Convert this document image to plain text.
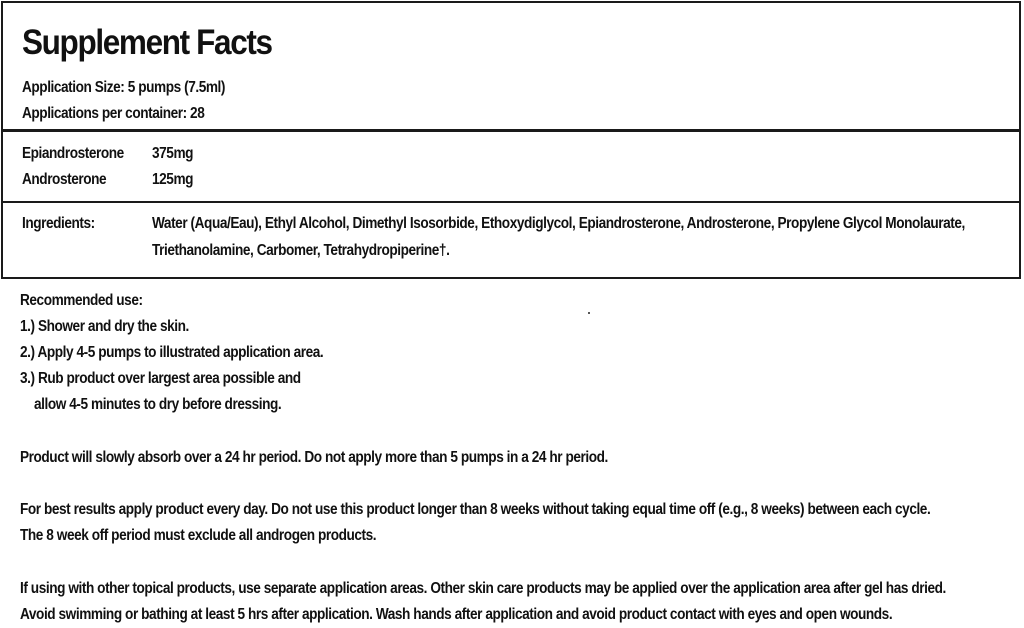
Supplement Facts
Application Size: 5 pumps (7.5ml)
Applications per container: 28
Epiandrosterone 375mg
Androsterone	125mg
Ingredients:	Water (Aqua/Eau), Ethyl Alcohol, Dimethyl Isosorbide, Ethoxydiglycol, Epiandrosterone, Androsterone, Propylene Glycol Monolaurate,
Triethanolamine, Carbomer, Tetrahydropiperine†.
Recommended use:
1.) Shower and dry the skin.
2.) Apply 4-5 pumps to illustrated application area.
3.) Rub product over largest area possible and
allow 4-5 minutes to dry before dressing.
Product will slowly absorb over a 24 hr period. Do not apply more than 5 pumps in a 24 hr period.
For best results apply product every day. Do not use this product longer than 8 weeks without taking equal time off (e.g., 8 weeks) between each cycle.
The 8 week off period must exclude all androgen products.
If using with other topical products, use separate application areas. Other skin care products may be applied over the application area after gel has dried.
Avoid swimming or bathing at least 5 hrs after application. Wash hands after application and avoid product contact with eyes and open wounds.
